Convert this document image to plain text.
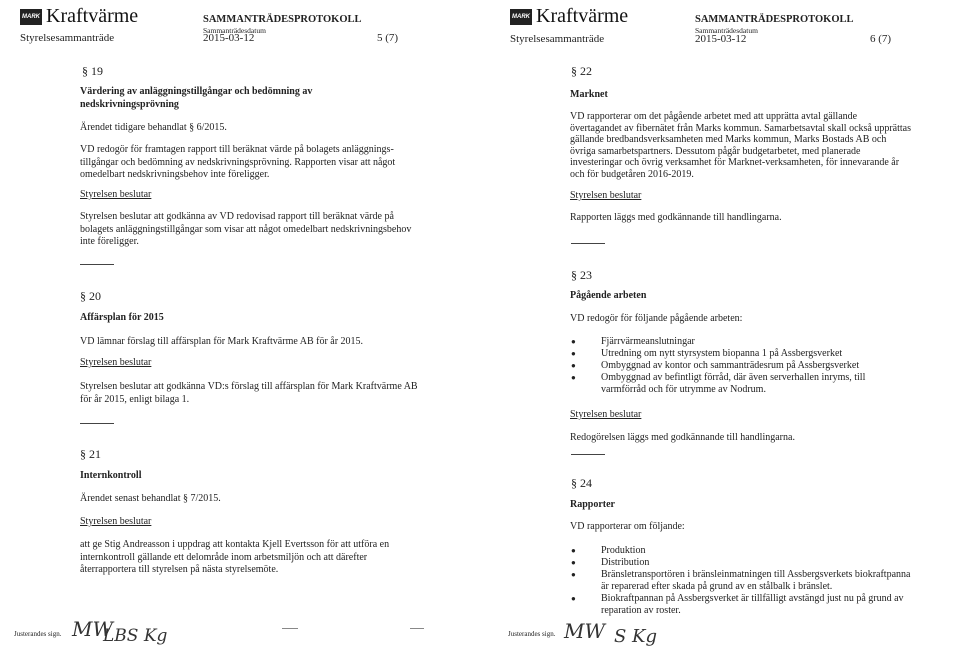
MARK Kraftvärme	SAMMANTRÄDESPROTOKOLL
Sammanträdesdatum
Styrelsesammanträde	2015-03-12	5 (7)
§ 19
Värdering av anläggningstillgångar och bedömning av nedskrivningsprövning
Ärendet tidigare behandlat § 6/2015.
VD redogör för framtagen rapport till beräknat värde på bolagets anläggnings-
tillgångar och bedömning av nedskrivningsprövning. Rapporten visar att något
omedelbart nedskrivningsbehov inte föreligger.
Styrelsen beslutar
Styrelsen beslutar att godkänna av VD redovisad rapport till beräknat värde på
bolagets anläggningstillgångar som visar att något omedelbart nedskrivningsbehov
inte föreligger.
§ 20
Affärsplan för 2015
VD lämnar förslag till affärsplan för Mark Kraftvärme AB för år 2015.
Styrelsen beslutar
Styrelsen beslutar att godkänna VD:s förslag till affärsplan för Mark Kraftvärme AB
för år 2015, enligt bilaga 1.
§ 21
Internkontroll
Ärendet senast behandlat § 7/2015.
Styrelsen beslutar
att ge Stig Andreasson i uppdrag att kontakta Kjell Evertsson för att utföra en
internkontroll gällande ett delområde inom arbetsmiljön och att därefter
återrapportera till styrelsen på nästa styrelsemöte.
Justerandes sign. MW
LBS Kg
MARK Kraftvärme	SAMMANTRÄDESPROTOKOLL
Sammanträdesdatum
Styrelsesammanträde	2015-03-12	6 (7)
§ 22
Marknet
VD rapporterar om det pågående arbetet med att upprätta avtal gällande
övertagandet av fibernätet från Marks kommun. Samarbetsavtal skall också upprättas
gällande bredbandsverksamheten med Marks kommun, Marks Bostads AB och
övriga samarbetspartners. Dessutom pågår budgetarbetet, med planerade
investeringar och övrig verksamhet för Marknet-verksamheten, för innevarande år
och för budgetåren 2016-2019.
Styrelsen beslutar
Rapporten läggs med godkännande till handlingarna.
§ 23
Pågående arbeten
VD redogör för följande pågående arbeten:
● Fjärrvärmeanslutningar
● Utredning om nytt styrsystem biopanna 1 på Assbergsverket
● Ombyggnad av kontor och sammanträdesrum på Assbergsverket
● Ombyggnad av befintligt förråd, där även serverhallen inryms, till varmförråd och för utrymme av Nodrum.
Styrelsen beslutar
Redogörelsen läggs med godkännande till handlingarna.
§ 24
Rapporter
VD rapporterar om följande:
● Produktion
● Distribution
● Bränsletransportören i bränsleinmatningen till Assbergsverkets biokraftpanna är reparerad efter skada på grund av en stålbalk i bränslet.
● Biokraftpannan på Assbergsverket är tillfälligt avstängd just nu på grund av reparation av roster.
Justerandes sign. MW S Kg
